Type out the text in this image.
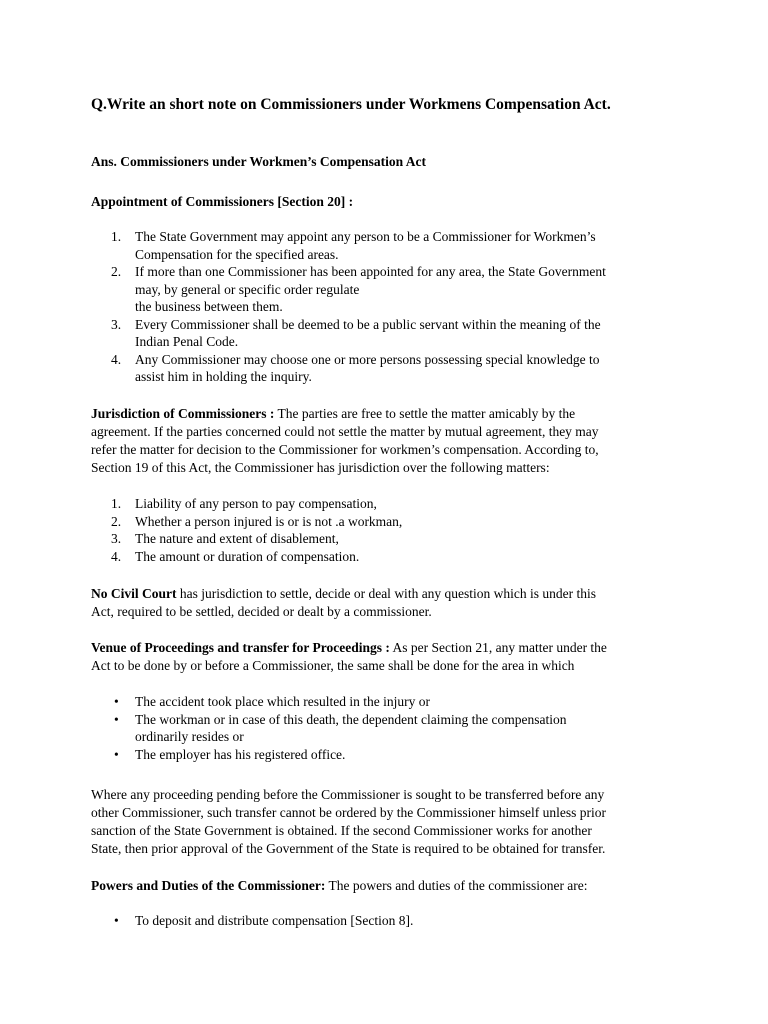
Q.Write an short note on Commissioners under Workmens Compensation Act.

Ans. Commissioners under Workmen’s Compensation Act

Appointment of Commissioners [Section 20] :

1. The State Government may appoint any person to be a Commissioner for Workmen’s
Compensation for the specified areas.
2. If more than one Commissioner has been appointed for any area, the State Government
may, by general or specific order regulate
the business between them.
3. Every Commissioner shall be deemed to be a public servant within the meaning of the
Indian Penal Code.
4. Any Commissioner may choose one or more persons possessing special knowledge to
assist him in holding the inquiry.

Jurisdiction of Commissioners : The parties are free to settle the matter amicably by the
agreement. If the parties concerned could not settle the matter by mutual agreement, they may
refer the matter for decision to the Commissioner for workmen’s compensation. According to,
Section 19 of this Act, the Commissioner has jurisdiction over the following matters:

1. Liability of any person to pay compensation,
2. Whether a person injured is or is not .a workman,
3. The nature and extent of disablement,
4. The amount or duration of compensation.

No Civil Court has jurisdiction to settle, decide or deal with any question which is under this
Act, required to be settled, decided or dealt by a commissioner.

Venue of Proceedings and transfer for Proceedings : As per Section 21, any matter under the
Act to be done by or before a Commissioner, the same shall be done for the area in which

• The accident took place which resulted in the injury or
• The workman or in case of this death, the dependent claiming the compensation
ordinarily resides or
• The employer has his registered office.

Where any proceeding pending before the Commissioner is sought to be transferred before any
other Commissioner, such transfer cannot be ordered by the Commissioner himself unless prior
sanction of the State Government is obtained. If the second Commissioner works for another
State, then prior approval of the Government of the State is required to be obtained for transfer.

Powers and Duties of the Commissioner: The powers and duties of the commissioner are:

• To deposit and distribute compensation [Section 8].
